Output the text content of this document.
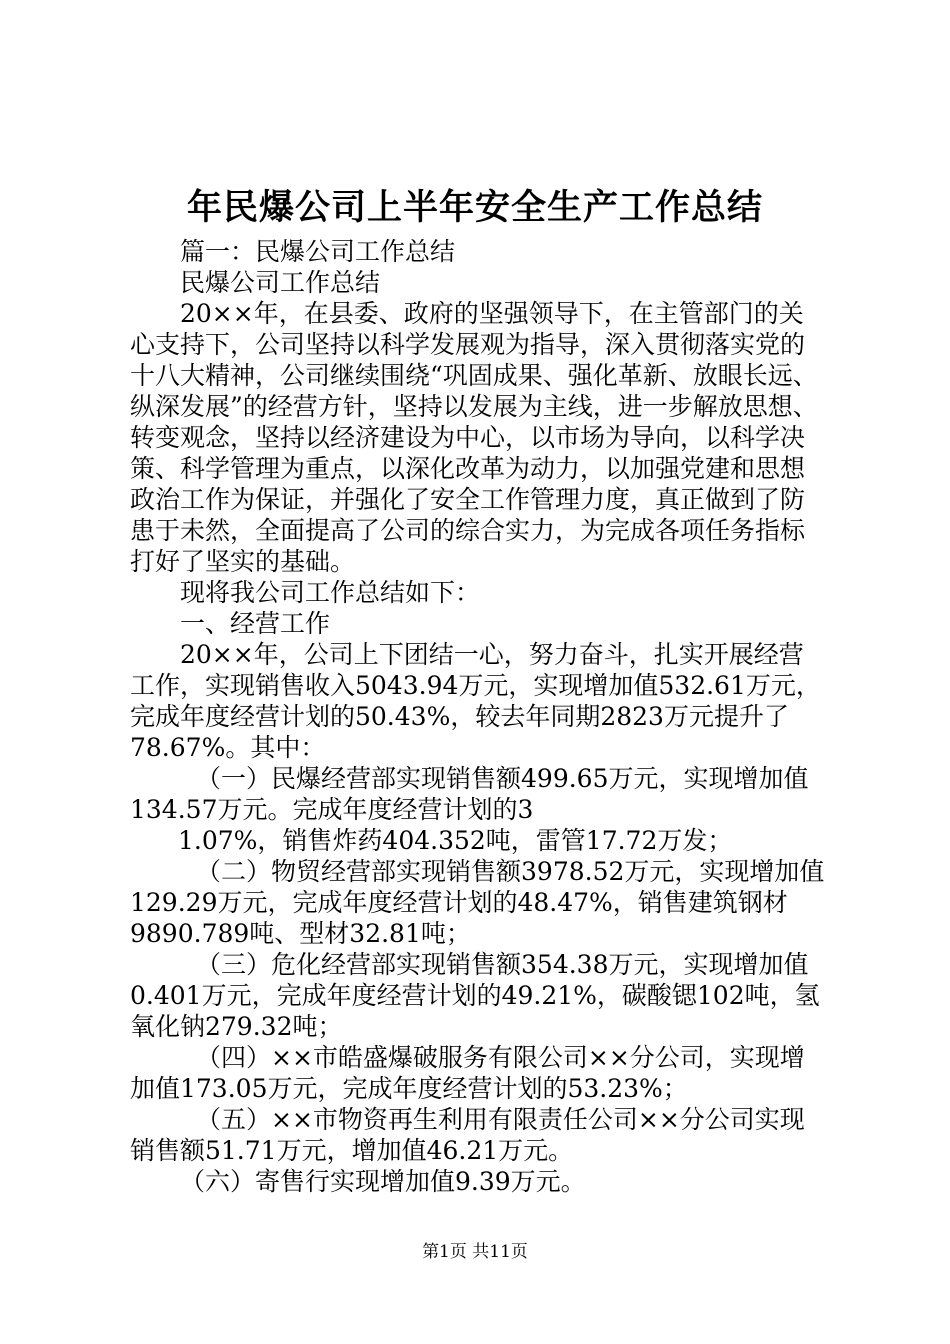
年民爆公司上半年安全生产工作总结
篇一：民爆公司工作总结
民爆公司工作总结
20××年，在县委、政府的坚强领导下，在主管部门的关
心支持下，公司坚持以科学发展观为指导，深入贯彻落实党的
十八大精神，公司继续围绕“巩固成果、强化革新、放眼长远、
纵深发展”的经营方针，坚持以发展为主线，进一步解放思想、
转变观念，坚持以经济建设为中心，以市场为导向，以科学决
策、科学管理为重点，以深化改革为动力，以加强党建和思想
政治工作为保证，并强化了安全工作管理力度，真正做到了防
患于未然，全面提高了公司的综合实力，为完成各项任务指标
打好了坚实的基础。
现将我公司工作总结如下：
一、经营工作
20××年，公司上下团结一心，努力奋斗，扎实开展经营
工作，实现销售收入5043.94万元，实现增加值532.61万元，
完成年度经营计划的50.43%，较去年同期2823万元提升了
78.67%。其中：
（一）民爆经营部实现销售额499.65万元，实现增加值
134.57万元。完成年度经营计划的3
1.07%，销售炸药404.352吨，雷管17.72万发；
（二）物贸经营部实现销售额3978.52万元，实现增加值
129.29万元，完成年度经营计划的48.47%，销售建筑钢材
9890.789吨、型材32.81吨；
（三）危化经营部实现销售额354.38万元，实现增加值
0.401万元，完成年度经营计划的49.21%，碳酸锶102吨，氢
氧化钠279.32吨；
（四）××市皓盛爆破服务有限公司××分公司，实现增
加值173.05万元，完成年度经营计划的53.23%；
（五）××市物资再生利用有限责任公司××分公司实现
销售额51.71万元，增加值46.21万元。
（六）寄售行实现增加值9.39万元。
第1页 共11页
